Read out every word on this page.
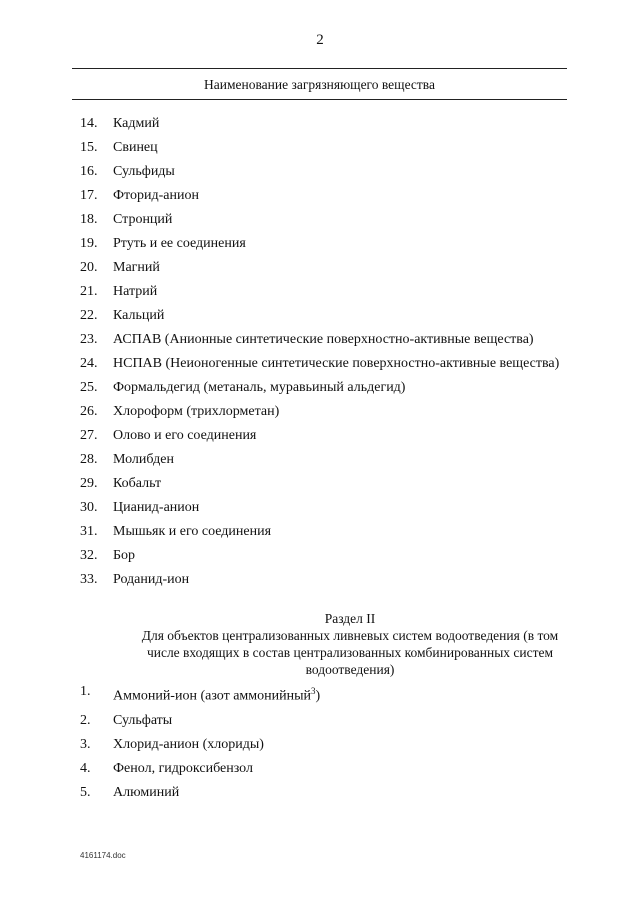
2
Наименование загрязняющего вещества
14.	Кадмий
15.	Свинец
16.	Сульфиды
17.	Фторид-анион
18.	Стронций
19.	Ртуть и ее соединения
20.	Магний
21.	Натрий
22.	Кальций
23.	АСПАВ (Анионные синтетические поверхностно-активные вещества)
24.	НСПАВ (Неионогенные синтетические поверхностно-активные вещества)
25.	Формальдегид (метаналь, муравьиный альдегид)
26.	Хлороформ (трихлорметан)
27.	Олово и его соединения
28.	Молибден
29.	Кобальт
30.	Цианид-анион
31.	Мышьяк и его соединения
32.	Бор
33.	Роданид-ион
Раздел II
Для объектов централизованных ливневых систем водоотведения (в том числе входящих в состав централизованных комбинированных систем водоотведения)
1.	Аммоний-ион (азот аммонийный$^3$)
2.	Сульфаты
3.	Хлорид-анион (хлориды)
4.	Фенол, гидроксибензол
5.	Алюминий
4161174.doc
